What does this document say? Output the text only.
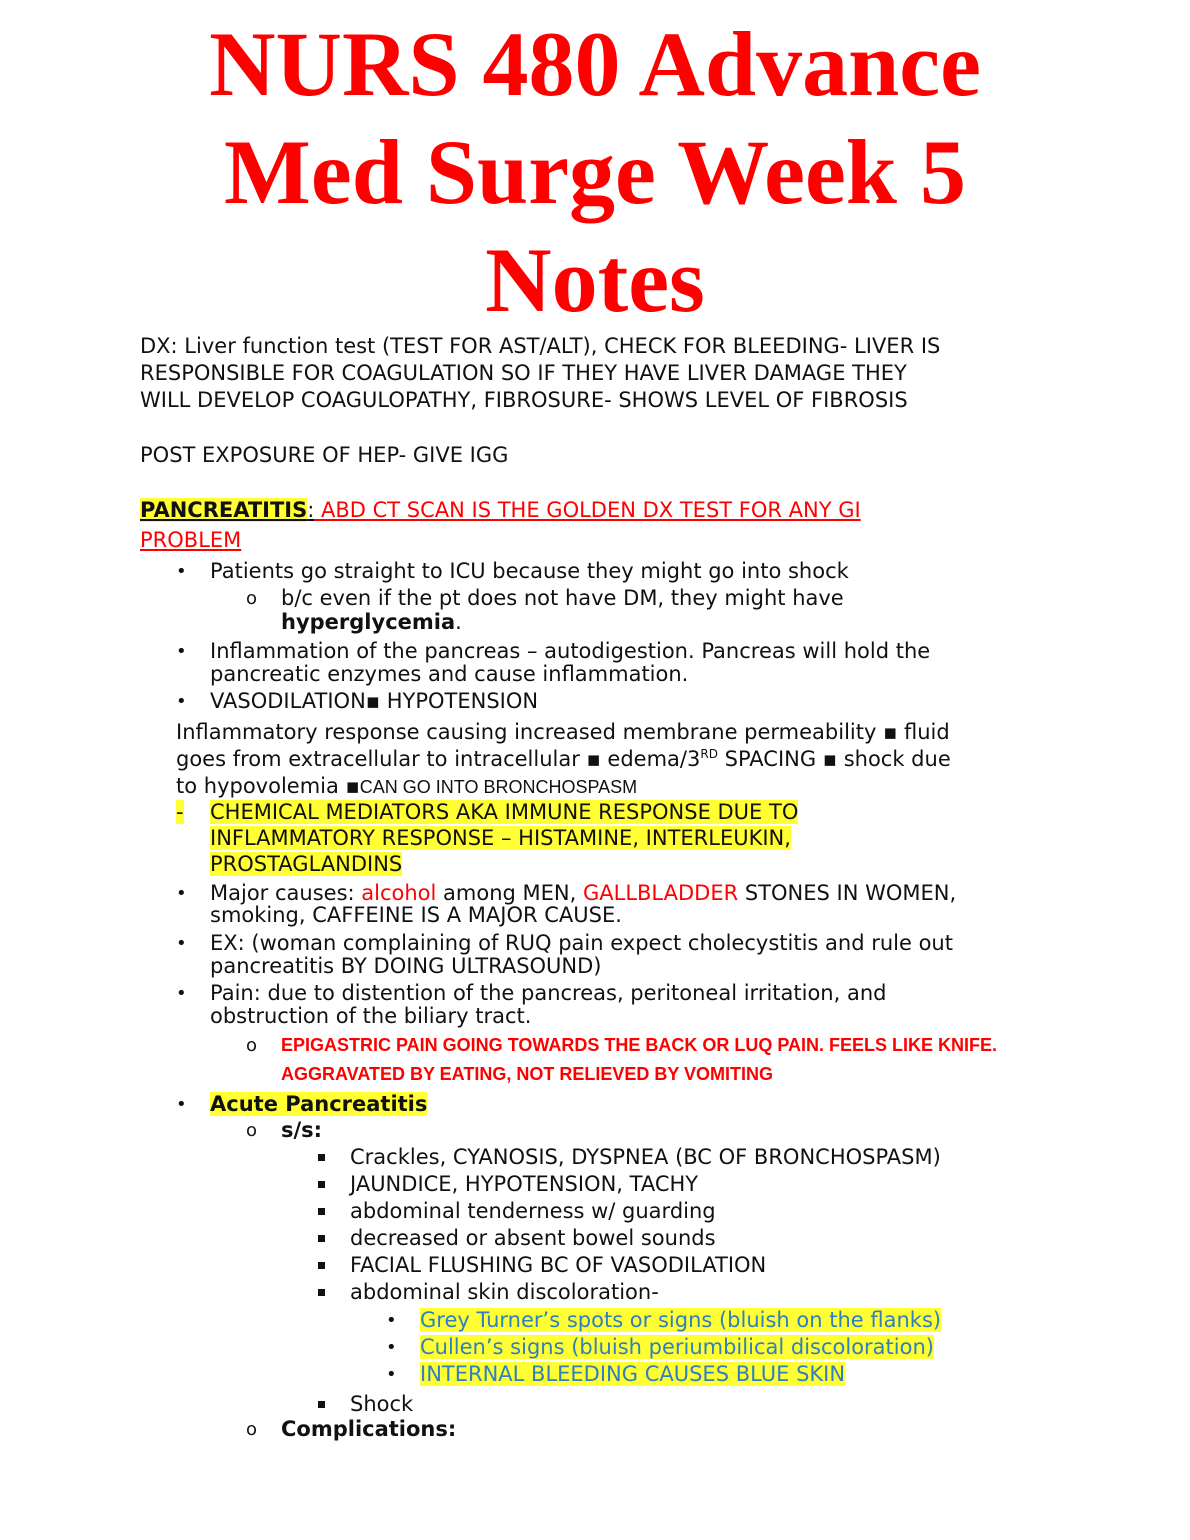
NURS 480 Advance
Med Surge Week 5
Notes
DX: Liver function test (TEST FOR AST/ALT), CHECK FOR BLEEDING- LIVER IS
RESPONSIBLE FOR COAGULATION SO IF THEY HAVE LIVER DAMAGE THEY
WILL DEVELOP COAGULOPATHY, FIBROSURE- SHOWS LEVEL OF FIBROSIS
POST EXPOSURE OF HEP- GIVE IGG
PANCREATITIS: ABD CT SCAN IS THE GOLDEN DX TEST FOR ANY GI
PROBLEM
• Patients go straight to ICU because they might go into shock
o b/c even if the pt does not have DM, they might have
hyperglycemia.
• Inflammation of the pancreas – autodigestion. Pancreas will hold the
pancreatic enzymes and cause inflammation.
• VASODILATION▪ HYPOTENSION
Inflammatory response causing increased membrane permeability ▪ fluid
goes from extracellular to intracellular ▪ edema/3RD SPACING ▪ shock due
to hypovolemia ▪CAN GO INTO BRONCHOSPASM
- CHEMICAL MEDIATORS AKA IMMUNE RESPONSE DUE TO
INFLAMMATORY RESPONSE – HISTAMINE, INTERLEUKIN,
PROSTAGLANDINS
• Major causes: alcohol among MEN, GALLBLADDER STONES IN WOMEN,
smoking, CAFFEINE IS A MAJOR CAUSE.
• EX: (woman complaining of RUQ pain expect cholecystitis and rule out
pancreatitis BY DOING ULTRASOUND)
• Pain: due to distention of the pancreas, peritoneal irritation, and
obstruction of the biliary tract.
o EPIGASTRIC PAIN GOING TOWARDS THE BACK OR LUQ PAIN. FEELS LIKE KNIFE.
AGGRAVATED BY EATING, NOT RELIEVED BY VOMITING
• Acute Pancreatitis
o s/s:
Crackles, CYANOSIS, DYSPNEA (BC OF BRONCHOSPASM)
JAUNDICE, HYPOTENSION, TACHY
abdominal tenderness w/ guarding
decreased or absent bowel sounds
FACIAL FLUSHING BC OF VASODILATION
abdominal skin discoloration-
• Grey Turner’s spots or signs (bluish on the flanks)
• Cullen’s signs (bluish periumbilical discoloration)
• INTERNAL BLEEDING CAUSES BLUE SKIN
Shock
o Complications:
